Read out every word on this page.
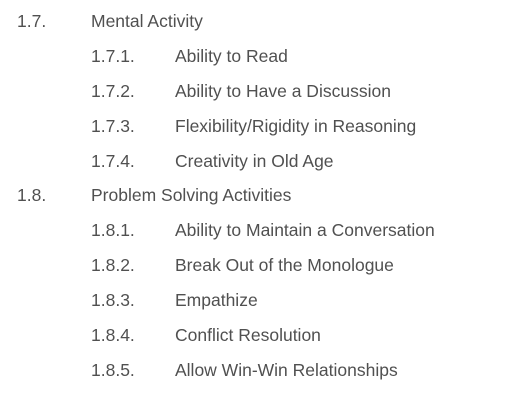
1.7.	Mental Activity
1.7.1. Ability to Read
1.7.2. Ability to Have a Discussion
1.7.3. Flexibility/Rigidity in Reasoning
1.7.4. Creativity in Old Age
1.8.	Problem Solving Activities
1.8.1. Ability to Maintain a Conversation
1.8.2. Break Out of the Monologue
1.8.3. Empathize
1.8.4. Conflict Resolution
1.8.5. Allow Win-Win Relationships
